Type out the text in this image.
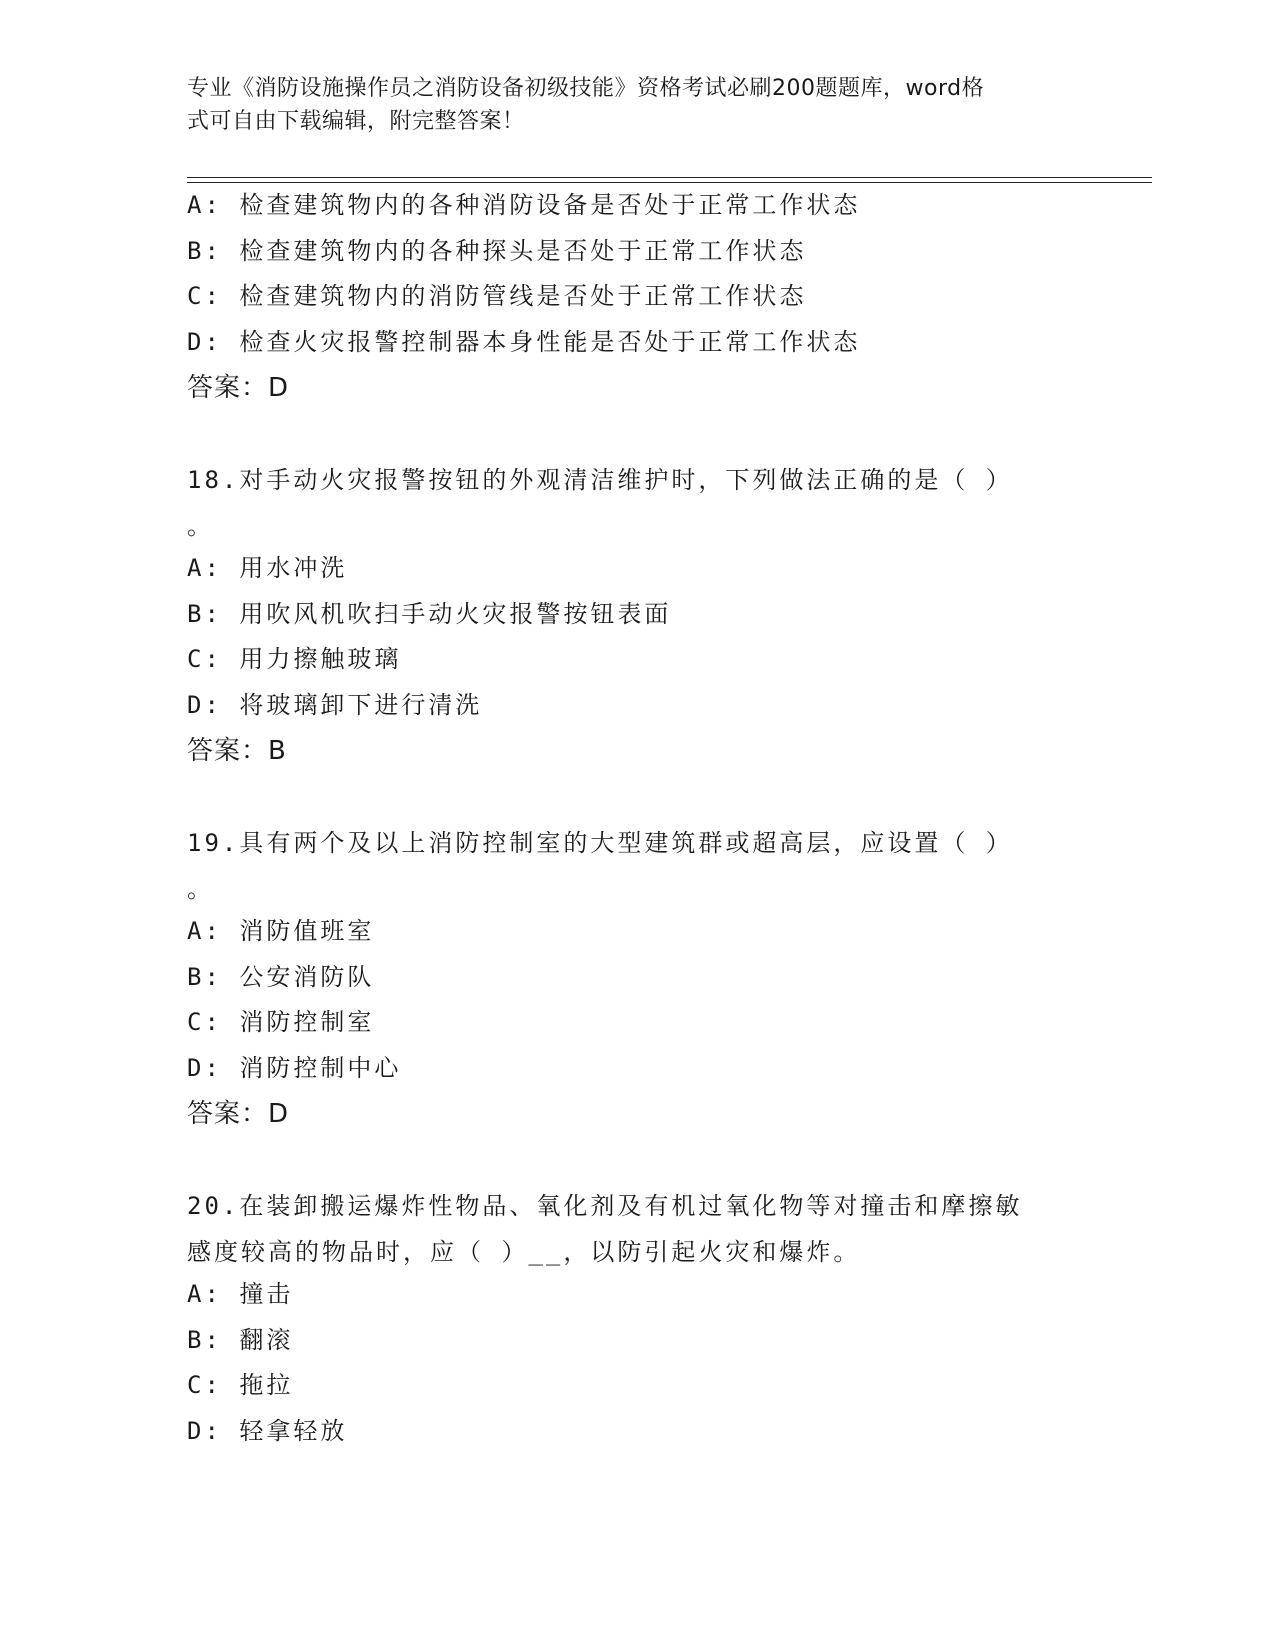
专业《消防设施操作员之消防设备初级技能》资格考试必刷200题题库，word格
式可自由下载编辑，附完整答案！

A: 检查建筑物内的各种消防设备是否处于正常工作状态

B: 检查建筑物内的各种探头是否处于正常工作状态

C: 检查建筑物内的消防管线是否处于正常工作状态

D: 检查火灾报警控制器本身性能是否处于正常工作状态

答案：D

18.对手动火灾报警按钮的外观清洁维护时，下列做法正确的是（ ）

。

A: 用水冲洗

B: 用吹风机吹扫手动火灾报警按钮表面

C: 用力擦触玻璃

D: 将玻璃卸下进行清洗

答案：B

19.具有两个及以上消防控制室的大型建筑群或超高层，应设置（ ）

。

A: 消防值班室

B: 公安消防队

C: 消防控制室

D: 消防控制中心

答案：D

20.在装卸搬运爆炸性物品、氧化剂及有机过氧化物等对撞击和摩擦敏

感度较高的物品时，应（ ）__，以防引起火灾和爆炸。

A: 撞击

B: 翻滚

C: 拖拉

D: 轻拿轻放
